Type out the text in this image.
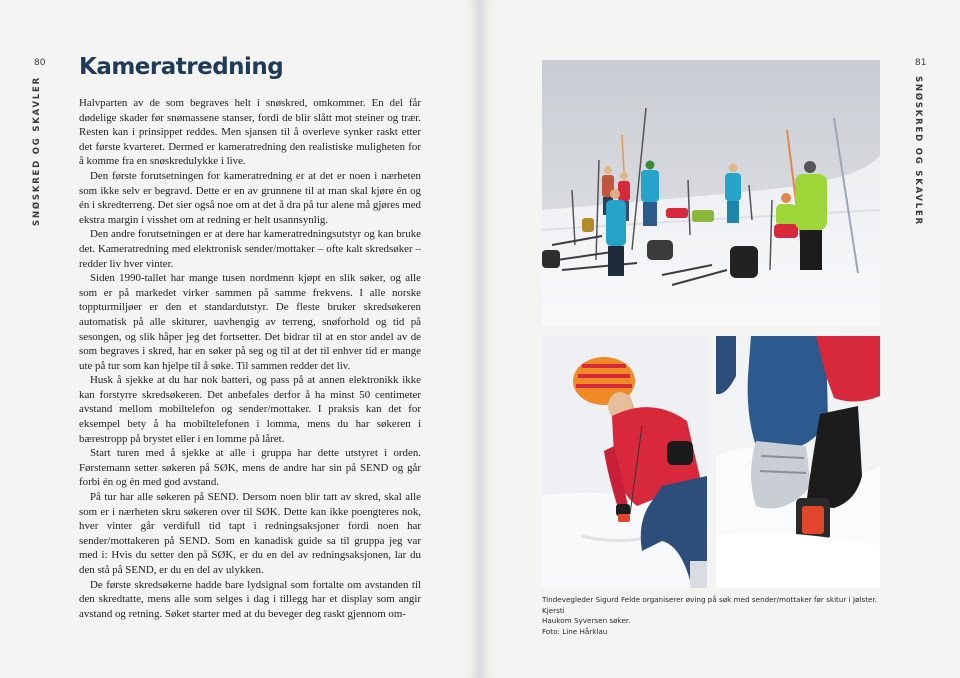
80
SNØSKRED OG SKAVLER
Kameratredning

Halvparten av de som begraves helt i snøskred, omkommer. En del får dødelige skader før snømassene stanser, fordi de blir slått mot steiner og trær. Resten kan i prinsippet reddes. Men sjansen til å overleve synker raskt etter det første kvarteret. Dermed er kameratredning den realistiske muligheten for å komme fra en snøskredulykke i live.

Den første forutsetningen for kameratredning er at det er noen i nærheten som ikke selv er begravd. Dette er en av grunnene til at man skal kjøre én og én i skredterreng. Det sier også noe om at det å dra på tur alene må gjøres med ekstra margin i visshet om at redning er helt usannsynlig.

Den andre forutsetningen er at dere har kameratredningsutstyr og kan bruke det. Kameratredning med elektronisk sender/mottaker – ofte kalt skredsøker – redder liv hver vinter.

Siden 1990-tallet har mange tusen nordmenn kjøpt en slik søker, og alle som er på markedet virker sammen på samme frekvens. I alle norske toppturmiljøer er den et standardutstyr. De fleste bruker skredsøkeren automatisk på alle skiturer, uavhengig av terreng, snøforhold og tid på sesongen, og slik håper jeg det fortsetter. Det bidrar til at en stor andel av de som begraves i skred, har en søker på seg og til at det til enhver tid er mange ute på tur som kan hjelpe til å søke. Til sammen redder det liv.

Husk å sjekke at du har nok batteri, og pass på at annen elektronikk ikke kan forstyrre skredsøkeren. Det anbefales derfor å ha minst 50 centimeter avstand mellom mobiltelefon og sender/mottaker. I praksis kan det for eksempel bety å ha mobiltelefonen i lomma, mens du har søkeren i bærestropp på brystet eller i en lomme på låret.

Start turen med å sjekke at alle i gruppa har dette utstyret i orden. Førstemann setter søkeren på SØK, mens de andre har sin på SEND og går forbi én og én med god avstand.

På tur har alle søkeren på SEND. Dersom noen blir tatt av skred, skal alle som er i nærheten skru søkeren over til SØK. Dette kan ikke poengteres nok, hver vinter går verdifull tid tapt i redningsaksjoner fordi noen har sender/mottakeren på SEND. Som en kanadisk guide sa til gruppa jeg var med i: Hvis du setter den på SØK, er du en del av redningsaksjonen, lar du den stå på SEND, er du en del av ulykken.

De første skredsøkerne hadde bare lydsignal som fortalte om avstanden til den skredtatte, mens alle som selges i dag i tillegg har et display som angir avstand og retning. Søket starter med at du beveger deg raskt gjennom om-

81
SNØSKRED OG SKAVLER
Tindevegleder Sigurd Felde organiserer øving på søk med sender/mottaker før skitur i Jølster. Kjersti
Haukom Syversen søker.
Foto: Line Hårklau
